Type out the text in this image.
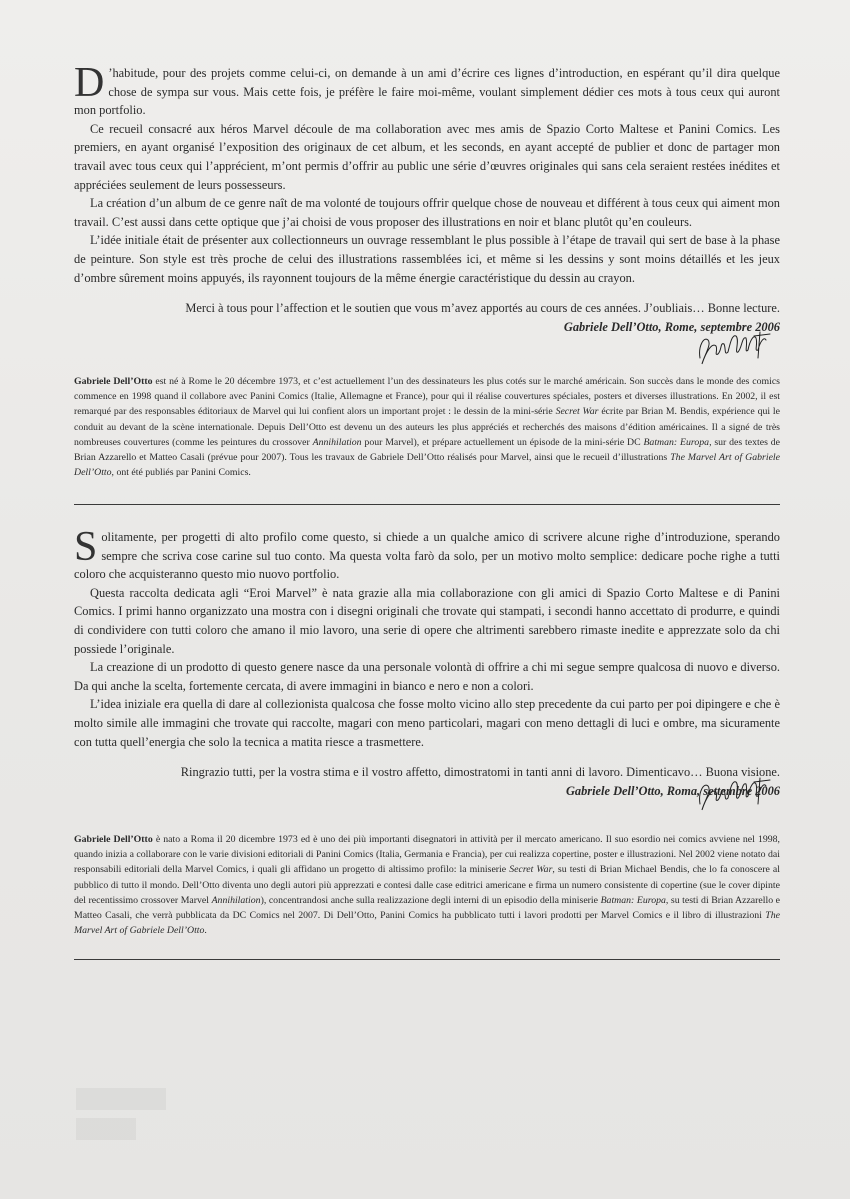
D ’habitude, pour des projets comme celui-ci, on demande à un ami d’écrire ces lignes d’introduction, en espérant qu’il dira quelque chose de sympa sur vous. Mais cette fois, je préfère le faire moi-même, voulant simplement dédier ces mots à tous ceux qui auront mon portfolio.

Ce recueil consacré aux héros Marvel découle de ma collaboration avec mes amis de Spazio Corto Maltese et Panini Comics. Les premiers, en ayant organisé l’exposition des originaux de cet album, et les seconds, en ayant accepté de publier et donc de partager mon travail avec tous ceux qui l’apprécient, m’ont permis d’offrir au public une série d’œuvres originales qui sans cela seraient restées inédites et appréciées seulement de leurs possesseurs.

La création d’un album de ce genre naît de ma volonté de toujours offrir quelque chose de nouveau et différent à tous ceux qui aiment mon travail. C’est aussi dans cette optique que j’ai choisi de vous proposer des illustrations en noir et blanc plutôt qu’en couleurs.

L’idée initiale était de présenter aux collectionneurs un ouvrage ressemblant le plus possible à l’étape de travail qui sert de base à la phase de peinture. Son style est très proche de celui des illustrations rassemblées ici, et même si les dessins y sont moins détaillés et les jeux d’ombre sûrement moins appuyés, ils rayonnent toujours de la même énergie caractéristique du dessin au crayon.

Merci à tous pour l’affection et le soutien que vous m’avez apportés au cours de ces années. J’oubliais… Bonne lecture.

Gabriele Dell’Otto, Rome, septembre 2006

Gabriele Dell’Otto est né à Rome le 20 décembre 1973, et c’est actuellement l’un des dessinateurs les plus cotés sur le marché américain. Son succès dans le monde des comics commence en 1998 quand il collabore avec Panini Comics (Italie, Allemagne et France), pour qui il réalise couvertures spéciales, posters et diverses illustrations. En 2002, il est remarqué par des responsables éditoriaux de Marvel qui lui confient alors un important projet : le dessin de la mini-série Secret War écrite par Brian M. Bendis, expérience qui le conduit au devant de la scène internationale. Depuis Dell’Otto est devenu un des auteurs les plus appréciés et recherchés des maisons d’édition américaines. Il a signé de très nombreuses couvertures (comme les peintures du crossover Annihilation pour Marvel), et prépare actuellement un épisode de la mini-série DC Batman: Europa, sur des textes de Brian Azzarello et Matteo Casali (prévue pour 2007). Tous les travaux de Gabriele Dell’Otto réalisés pour Marvel, ainsi que le recueil d’illustrations The Marvel Art of Gabriele Dell’Otto, ont été publiés par Panini Comics.

Solitamente, per progetti di alto profilo come questo, si chiede a un qualche amico di scrivere alcune righe d’introduzione, sperando sempre che scriva cose carine sul tuo conto. Ma questa volta farò da solo, per un motivo molto semplice: dedicare poche righe a tutti coloro che acquisteranno questo mio nuovo portfolio.

Questa raccolta dedicata agli “Eroi Marvel” è nata grazie alla mia collaborazione con gli amici di Spazio Corto Maltese e di Panini Comics. I primi hanno organizzato una mostra con i disegni originali che trovate qui stampati, i secondi hanno accettato di produrre, e quindi di condividere con tutti coloro che amano il mio lavoro, una serie di opere che altrimenti sarebbero rimaste inedite e apprezzate solo da chi possiede l’originale.

La creazione di un prodotto di questo genere nasce da una personale volontà di offrire a chi mi segue sempre qualcosa di nuovo e diverso. Da qui anche la scelta, fortemente cercata, di avere immagini in bianco e nero e non a colori.

L’idea iniziale era quella di dare al collezionista qualcosa che fosse molto vicino allo step precedente da cui parto per poi dipingere e che è molto simile alle immagini che trovate qui raccolte, magari con meno particolari, magari con meno dettagli di luci e ombre, ma sicuramente con tutta quell’energia che solo la tecnica a matita riesce a trasmettere.

Ringrazio tutti, per la vostra stima e il vostro affetto, dimostratomi in tanti anni di lavoro. Dimenticavo… Buona visione.

Gabriele Dell’Otto, Roma, settembre 2006

Gabriele Dell’Otto è nato a Roma il 20 dicembre 1973 ed è uno dei più importanti disegnatori in attività per il mercato americano. Il suo esordio nei comics avviene nel 1998, quando inizia a collaborare con le varie divisioni editoriali di Panini Comics (Italia, Germania e Francia), per cui realizza copertine, poster e illustrazioni. Nel 2002 viene notato dai responsabili editoriali della Marvel Comics, i quali gli affidano un progetto di altissimo profilo: la miniserie Secret War, su testi di Brian Michael Bendis, che lo fa conoscere al pubblico di tutto il mondo. Dell’Otto diventa uno degli autori più apprezzati e contesi dalle case editrici americane e firma un numero consistente di copertine (sue le cover dipinte del recentissimo crossover Marvel Annihilation), concentrandosi anche sulla realizzazione degli interni di un episodio della miniserie Batman: Europa, su testi di Brian Azzarello e Matteo Casali, che verrà pubblicata da DC Comics nel 2007. Di Dell’Otto, Panini Comics ha pubblicato tutti i lavori prodotti per Marvel Comics e il libro di illustrazioni The Marvel Art of Gabriele Dell’Otto.
